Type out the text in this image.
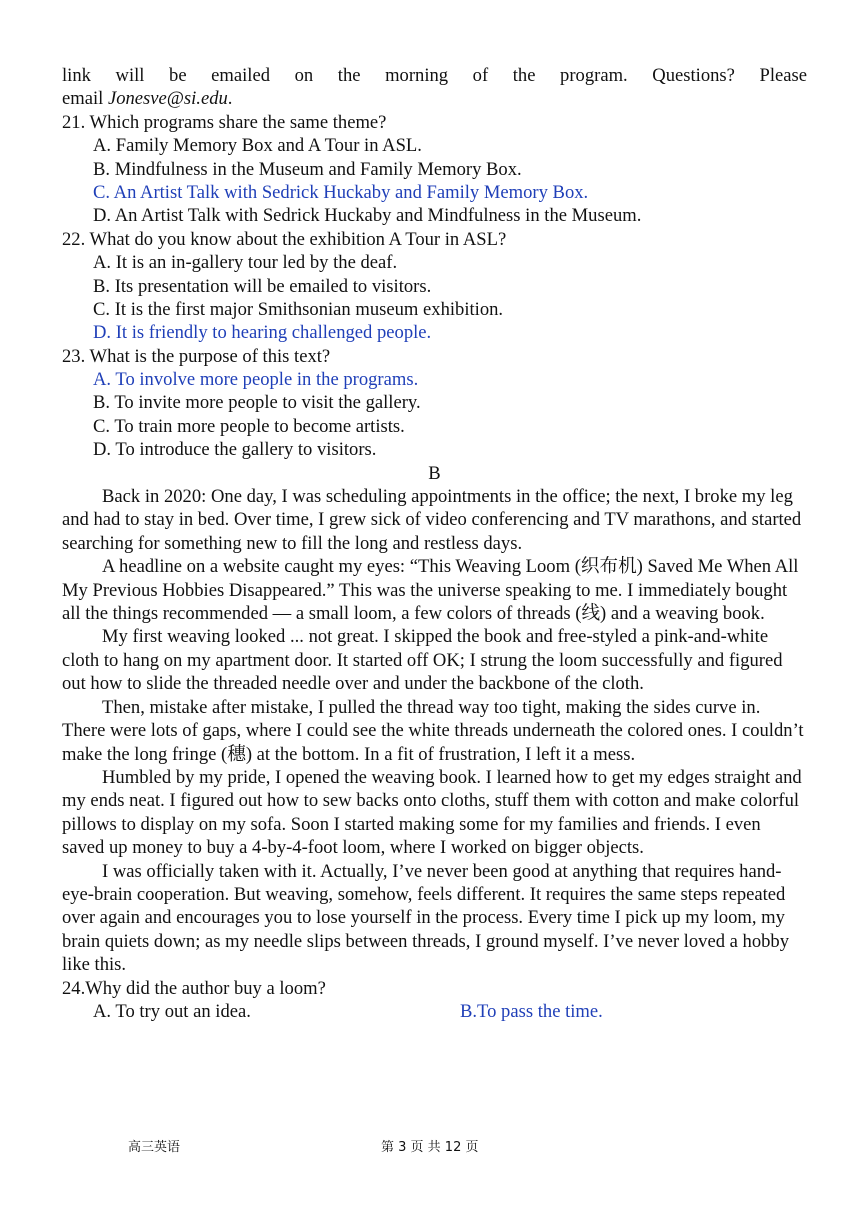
link will be emailed on the morning of the program. Questions? Please
email Jonesve@si.edu.
21. Which programs share the same theme?
A. Family Memory Box and A Tour in ASL.
B. Mindfulness in the Museum and Family Memory Box.
C. An Artist Talk with Sedrick Huckaby and Family Memory Box.
D. An Artist Talk with Sedrick Huckaby and Mindfulness in the Museum.
22. What do you know about the exhibition A Tour in ASL?
A. It is an in-gallery tour led by the deaf.
B. Its presentation will be emailed to visitors.
C. It is the first major Smithsonian museum exhibition.
D. It is friendly to hearing challenged people.
23. What is the purpose of this text?
A. To involve more people in the programs.
B. To invite more people to visit the gallery.
C. To train more people to become artists.
D. To introduce the gallery to visitors.
B
Back in 2020: One day, I was scheduling appointments in the office; the next, I broke my leg and had to stay in bed. Over time, I grew sick of video conferencing and TV marathons, and started searching for something new to fill the long and restless days.
A headline on a website caught my eyes: “This Weaving Loom (织布机) Saved Me When All My Previous Hobbies Disappeared.” This was the universe speaking to me. I immediately bought all the things recommended — a small loom, a few colors of threads (线) and a weaving book.
My first weaving looked ... not great. I skipped the book and free-styled a pink-and-white cloth to hang on my apartment door. It started off OK; I strung the loom successfully and figured out how to slide the threaded needle over and under the backbone of the cloth.
Then, mistake after mistake, I pulled the thread way too tight, making the sides curve in. There were lots of gaps, where I could see the white threads underneath the colored ones. I couldn’t make the long fringe (穗) at the bottom. In a fit of frustration, I left it a mess.
Humbled by my pride, I opened the weaving book. I learned how to get my edges straight and my ends neat. I figured out how to sew backs onto cloths, stuff them with cotton and make colorful pillows to display on my sofa. Soon I started making some for my families and friends. I even saved up money to buy a 4-by-4-foot loom, where I worked on bigger objects.
I was officially taken with it. Actually, I’ve never been good at anything that requires hand-eye-brain cooperation. But weaving, somehow, feels different. It requires the same steps repeated over again and encourages you to lose yourself in the process. Every time I pick up my loom, my brain quiets down; as my needle slips between threads, I ground myself. I’ve never loved a hobby like this.
24.Why did the author buy a loom?
A. To try out an idea.	B.To pass the time.
高三英语	第 3 页 共 12 页
